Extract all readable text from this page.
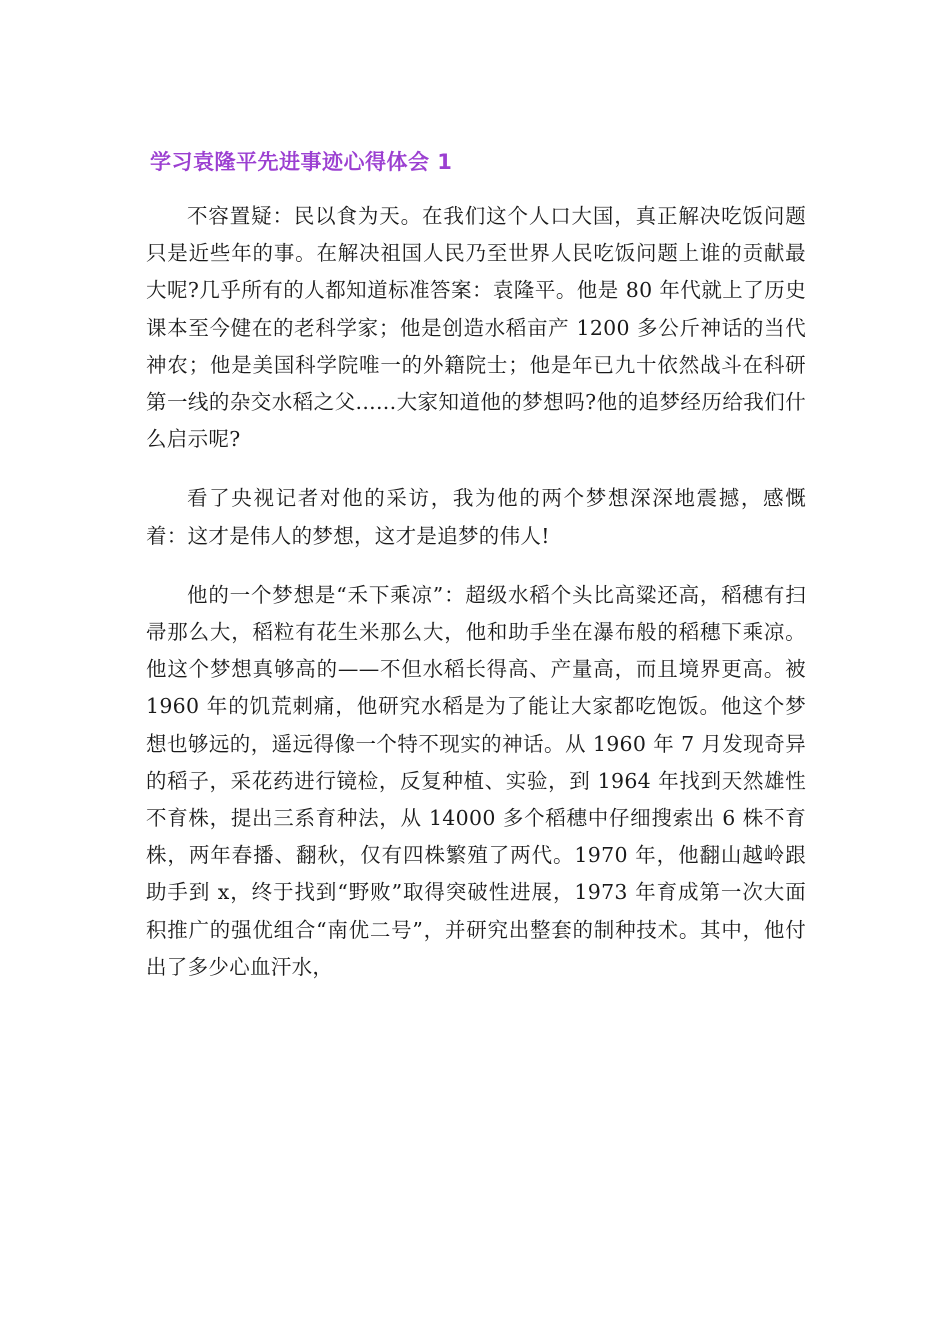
学习袁隆平先进事迹心得体会 1

不容置疑：民以食为天。在我们这个人口大国，真正解决吃饭问题只是近些年的事。在解决祖国人民乃至世界人民吃饭问题上谁的贡献最大呢?几乎所有的人都知道标准答案：袁隆平。他是 80 年代就上了历史课本至今健在的老科学家；他是创造水稻亩产 1200 多公斤神话的当代神农；他是美国科学院唯一的外籍院士；他是年已九十依然战斗在科研第一线的杂交水稻之父......大家知道他的梦想吗?他的追梦经历给我们什么启示呢?

看了央视记者对他的采访，我为他的两个梦想深深地震撼，感慨着：这才是伟人的梦想，这才是追梦的伟人!

他的一个梦想是“禾下乘凉”：超级水稻个头比高粱还高，稻穗有扫帚那么大，稻粒有花生米那么大，他和助手坐在瀑布般的稻穗下乘凉。他这个梦想真够高的——不但水稻长得高、产量高，而且境界更高。被 1960 年的饥荒刺痛，他研究水稻是为了能让大家都吃饱饭。他这个梦想也够远的，遥远得像一个特不现实的神话。从 1960 年 7 月发现奇异的稻子，采花药进行镜检，反复种植、实验，到 1964 年找到天然雄性不育株，提出三系育种法，从 14000 多个稻穗中仔细搜索出 6 株不育株，两年春播、翻秋，仅有四株繁殖了两代。1970 年，他翻山越岭跟助手到 x，终于找到“野败”取得突破性进展，1973 年育成第一次大面积推广的强优组合“南优二号”，并研究出整套的制种技术。其中，他付出了多少心血汗水，
